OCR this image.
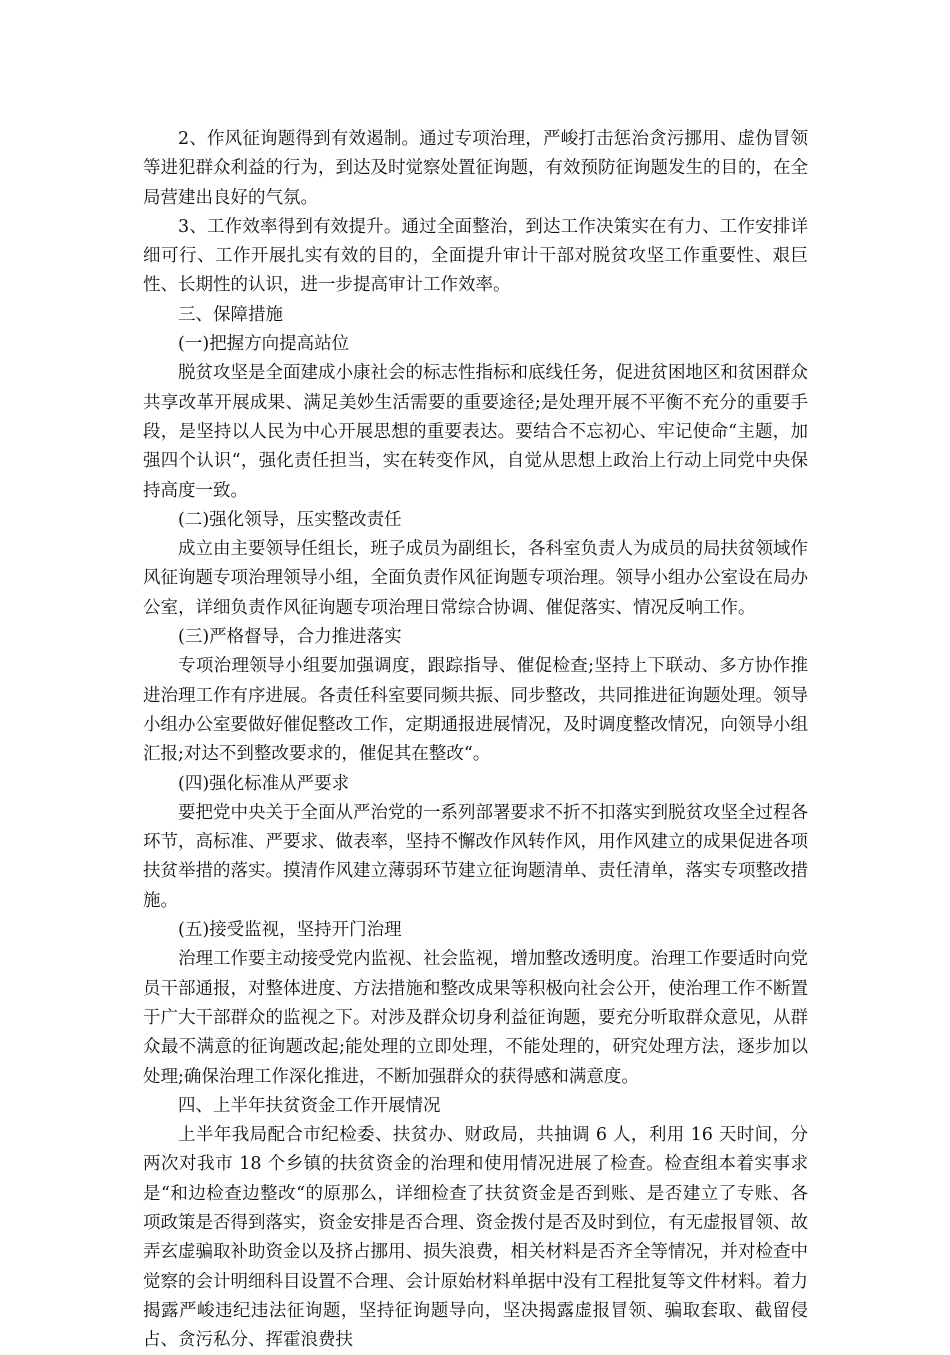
2、作风征询题得到有效遏制。通过专项治理，严峻打击惩治贪污挪用、虚伪冒领等进犯群众利益的行为，到达及时觉察处置征询题，有效预防征询题发生的目的，在全局营建出良好的气氛。

3、工作效率得到有效提升。通过全面整治，到达工作决策实在有力、工作安排详细可行、工作开展扎实有效的目的，全面提升审计干部对脱贫攻坚工作重要性、艰巨性、长期性的认识，进一步提高审计工作效率。

三、保障措施

(一)把握方向提高站位

脱贫攻坚是全面建成小康社会的标志性指标和底线任务，促进贫困地区和贫困群众共享改革开展成果、满足美妙生活需要的重要途径;是处理开展不平衡不充分的重要手段，是坚持以人民为中心开展思想的重要表达。要结合不忘初心、牢记使命“主题，加强四个认识“，强化责任担当，实在转变作风，自觉从思想上政治上行动上同党中央保持高度一致。

(二)强化领导，压实整改责任

成立由主要领导任组长，班子成员为副组长，各科室负责人为成员的局扶贫领域作风征询题专项治理领导小组，全面负责作风征询题专项治理。领导小组办公室设在局办公室，详细负责作风征询题专项治理日常综合协调、催促落实、情况反响工作。

(三)严格督导，合力推进落实

专项治理领导小组要加强调度，跟踪指导、催促检查;坚持上下联动、多方协作推进治理工作有序进展。各责任科室要同频共振、同步整改，共同推进征询题处理。领导小组办公室要做好催促整改工作，定期通报进展情况，及时调度整改情况，向领导小组汇报;对达不到整改要求的，催促其在整改“。

(四)强化标准从严要求

要把党中央关于全面从严治党的一系列部署要求不折不扣落实到脱贫攻坚全过程各环节，高标准、严要求、做表率，坚持不懈改作风转作风，用作风建立的成果促进各项扶贫举措的落实。摸清作风建立薄弱环节建立征询题清单、责任清单，落实专项整改措施。

(五)接受监视，坚持开门治理

治理工作要主动接受党内监视、社会监视，增加整改透明度。治理工作要适时向党员干部通报，对整体进度、方法措施和整改成果等积极向社会公开，使治理工作不断置于广大干部群众的监视之下。对涉及群众切身利益征询题，要充分听取群众意见，从群众最不满意的征询题改起;能处理的立即处理，不能处理的，研究处理方法，逐步加以处理;确保治理工作深化推进，不断加强群众的获得感和满意度。

四、上半年扶贫资金工作开展情况

上半年我局配合市纪检委、扶贫办、财政局，共抽调 6 人，利用 16 天时间，分两次对我市 18 个乡镇的扶贫资金的治理和使用情况进展了检查。检查组本着实事求是“和边检查边整改“的原那么，详细检查了扶贫资金是否到账、是否建立了专账、各项政策是否得到落实，资金安排是否合理、资金拨付是否及时到位，有无虚报冒领、故弄玄虚骗取补助资金以及挤占挪用、损失浪费，相关材料是否齐全等情况，并对检查中觉察的会计明细科目设置不合理、会计原始材料单据中没有工程批复等文件材料。着力揭露严峻违纪违法征询题，坚持征询题导向，坚决揭露虚报冒领、骗取套取、截留侵占、贪污私分、挥霍浪费扶
